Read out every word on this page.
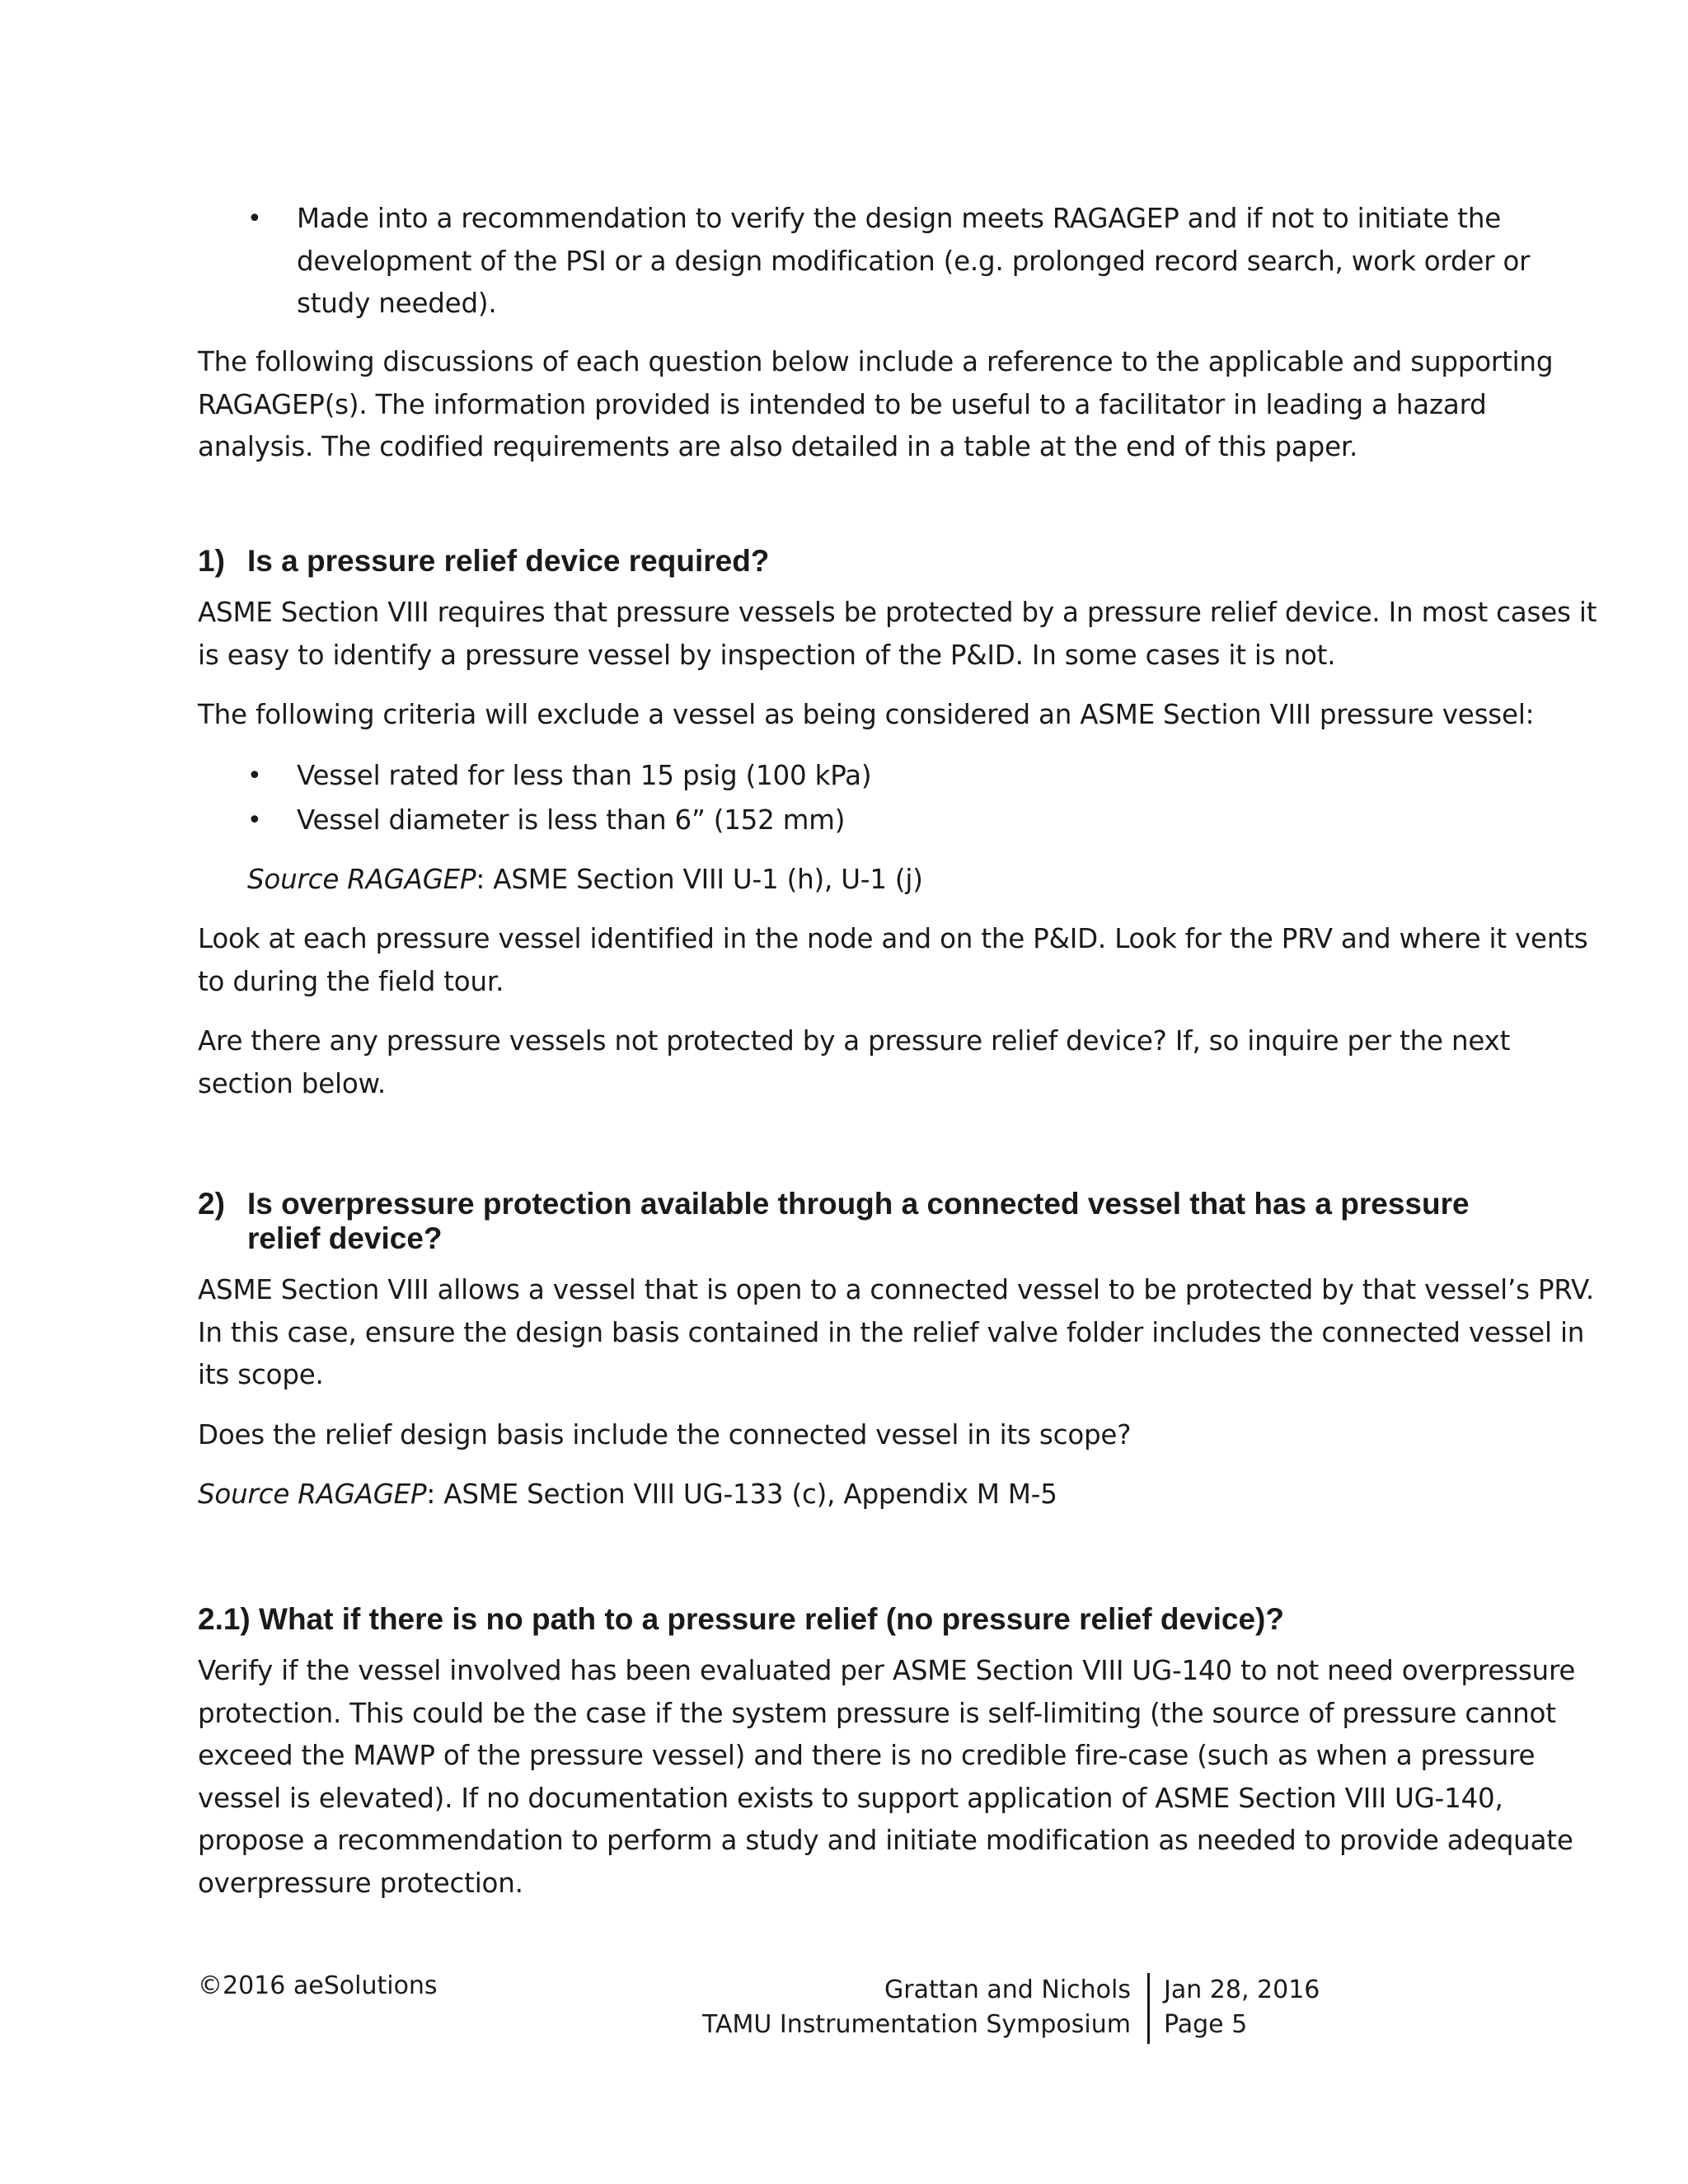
• Made into a recommendation to verify the design meets RAGAGEP and if not to initiate the
development of the PSI or a design modification (e.g. prolonged record search, work order or
study needed).
The following discussions of each question below include a reference to the applicable and supporting
RAGAGEP(s). The information provided is intended to be useful to a facilitator in leading a hazard
analysis. The codified requirements are also detailed in a table at the end of this paper.
1) Is a pressure relief device required?
ASME Section VIII requires that pressure vessels be protected by a pressure relief device. In most cases it
is easy to identify a pressure vessel by inspection of the P&ID. In some cases it is not.
The following criteria will exclude a vessel as being considered an ASME Section VIII pressure vessel:
• Vessel rated for less than 15 psig (100 kPa)
• Vessel diameter is less than 6” (152 mm)
Source RAGAGEP: ASME Section VIII U-1 (h), U-1 (j)
Look at each pressure vessel identified in the node and on the P&ID. Look for the PRV and where it vents
to during the field tour.
Are there any pressure vessels not protected by a pressure relief device? If, so inquire per the next
section below.
2) Is overpressure protection available through a connected vessel that has a pressure
relief device?
ASME Section VIII allows a vessel that is open to a connected vessel to be protected by that vessel’s PRV.
In this case, ensure the design basis contained in the relief valve folder includes the connected vessel in
its scope.
Does the relief design basis include the connected vessel in its scope?
Source RAGAGEP: ASME Section VIII UG-133 (c), Appendix M M-5
2.1) What if there is no path to a pressure relief (no pressure relief device)?
Verify if the vessel involved has been evaluated per ASME Section VIII UG-140 to not need overpressure
protection. This could be the case if the system pressure is self-limiting (the source of pressure cannot
exceed the MAWP of the pressure vessel) and there is no credible fire-case (such as when a pressure
vessel is elevated). If no documentation exists to support application of ASME Section VIII UG-140,
propose a recommendation to perform a study and initiate modification as needed to provide adequate
overpressure protection.
©2016 aeSolutions	Grattan and Nichols
TAMU Instrumentation Symposium
Jan 28, 2016
Page 5
